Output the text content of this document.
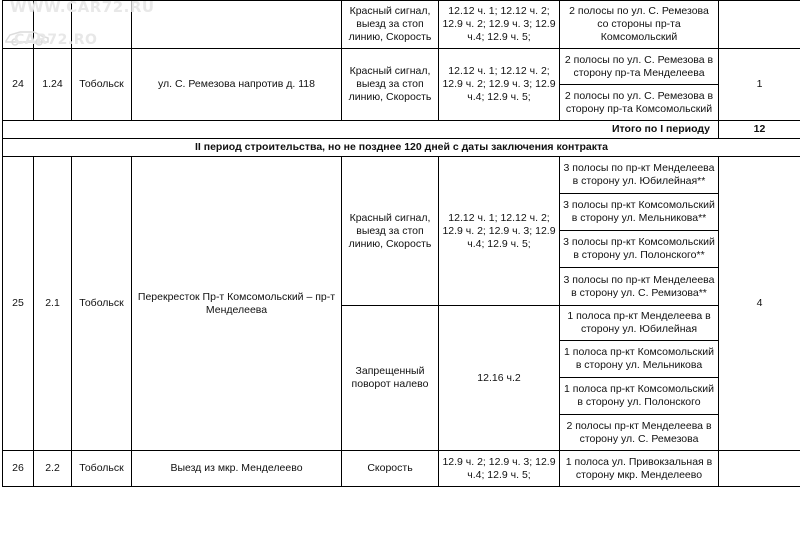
WWW.CAR72.RU
CAR72.RO
				Красный сигнал, выезд за стоп линию, Скорость	12.12 ч. 1; 12.12 ч. 2; 12.9 ч. 2; 12.9 ч. 3; 12.9 ч.4; 12.9 ч. 5;	2 полосы по ул. С. Ремезова со стороны пр-та Комсомольский	
24	1.24	Тобольск	ул. С. Ремезова напротив д. 118	Красный сигнал, выезд за стоп линию, Скорость	12.12 ч. 1; 12.12 ч. 2; 12.9 ч. 2; 12.9 ч. 3; 12.9 ч.4; 12.9 ч. 5;	2 полосы по ул. С. Ремезова в сторону пр-та Менделеева	1
						2 полосы по ул. С. Ремезова в сторону пр-та Комсомольский	
Итого по I периоду							12
II период строительства, но не позднее 120 дней с даты заключения контракта							
25	2.1	Тобольск	Перекресток Пр-т Комсомольский – пр-т Менделеева	Красный сигнал, выезд за стоп линию, Скорость	12.12 ч. 1; 12.12 ч. 2; 12.9 ч. 2; 12.9 ч. 3; 12.9 ч.4; 12.9 ч. 5;	3 полосы по пр-кт Менделеева в сторону ул. Юбилейная**	4
						3 полосы пр-кт Комсомольский в сторону ул. Мельникова**	
						3 полосы пр-кт Комсомольский в сторону ул. Полонского**	
						3 полосы по пр-кт Менделеева в сторону ул. С. Ремизова**	
				Запрещенный поворот налево	12.16 ч.2	1 полоса пр-кт Менделеева в сторону ул. Юбилейная	
						1 полоса пр-кт Комсомольский в сторону ул. Мельникова	
						1 полоса пр-кт Комсомольский в сторону ул. Полонского	
						2 полосы пр-кт Менделеева в сторону ул. С. Ремезова	
26	2.2	Тобольск	Выезд из мкр. Менделеево	Скорость	12.9 ч. 2; 12.9 ч. 3; 12.9 ч.4; 12.9 ч. 5;	1 полоса ул. Привокзальная в сторону мкр. Менделеево	
